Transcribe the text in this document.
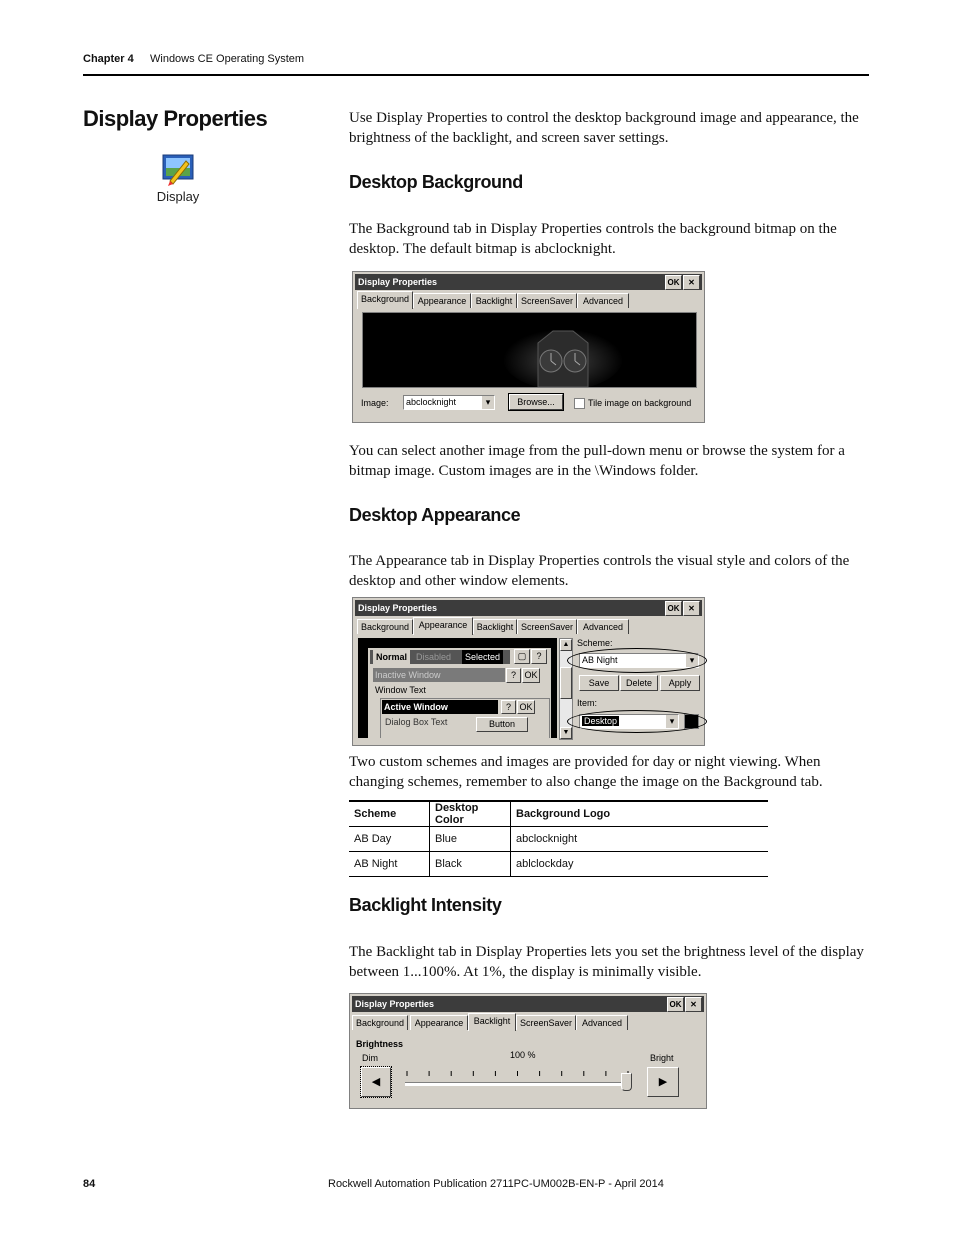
Chapter 4 Windows CE Operating System
Display Properties
Display

Use Display Properties to control the desktop background image and appearance, the brightness of the backlight, and screen saver settings.

Desktop Background

The Background tab in Display Properties controls the background bitmap on the desktop. The default bitmap is abclocknight.

Display Properties	OK	✕
Background Appearance	Backlight ScreenSaver	Advanced
Image:	abclocknight	▾	Browse...	Tile image on background

You can select another image from the pull-down menu or browse the system for a bitmap image. Custom images are in the \Windows folder.

Desktop Appearance

The Appearance tab in Display Properties controls the visual style and colors of the desktop and other window elements.

Display Properties	OK	✕
Background	Appearance	Backlight ScreenSaver	Advanced
Normal Disabled	Selected	▢	?
Inactive Window	? OK
Window Text
Active Window	? OK
Dialog Box Text	Button
▲
▼
Scheme:
AB Night	▾
Save	Delete	Apply
Item:
Desktop	▾

Two custom schemes and images are provided for day or night viewing. When changing schemes, remember to also change the image on the Background tab.

Scheme	Desktop Color	Background Logo
AB Day	Blue	abclocknight
AB Night	Black	ablclockday
Backlight Intensity

The Backlight tab in Display Properties lets you set the brightness level of the display between 1...100%. At 1%, the display is minimally visible.

Display Properties	OK	✕
Background	Appearance	Backlight	ScreenSaver	Advanced
Brightness
Dim	Bright
100 %
◀	▶
84	Rockwell Automation Publication 2711PC-UM002B-EN-P - April 2014
